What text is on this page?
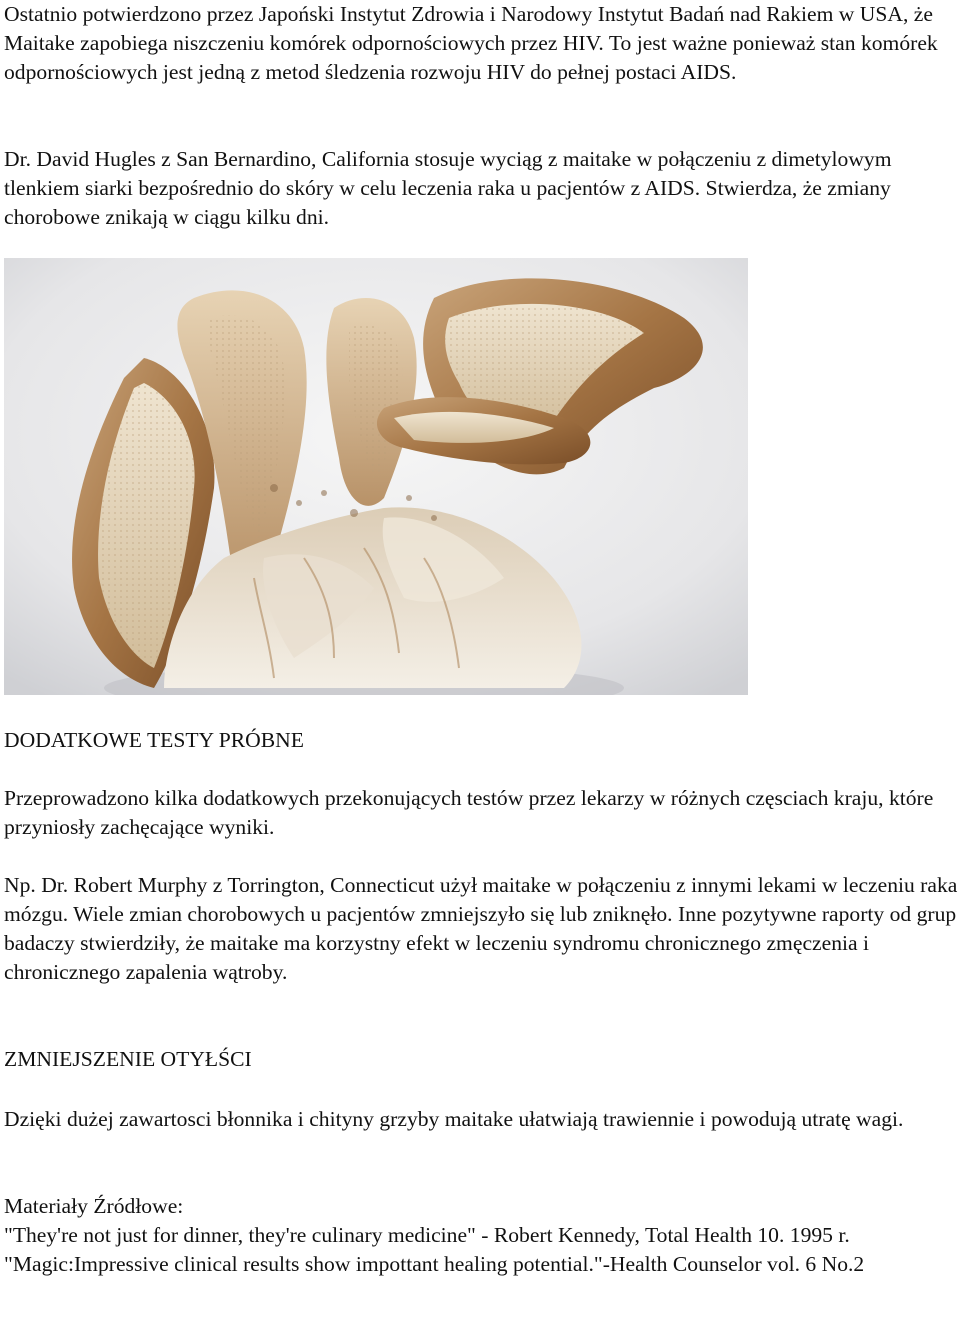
Ostatnio potwierdzono przez Japoński Instytut Zdrowia i Narodowy Instytut Badań nad Rakiem w USA, że Maitake zapobiega niszczeniu komórek odpornościowych przez HIV. To jest ważne ponieważ stan komórek odpornościowych jest jedną z metod śledzenia rozwoju HIV do pełnej postaci AIDS.

Dr. David Hugles z San Bernardino, California stosuje wyciąg z maitake w połączeniu z dimetylowym tlenkiem siarki bezpośrednio do skóry w celu leczenia raka u pacjentów z AIDS. Stwierdza, że zmiany chorobowe znikają w ciągu kilku dni.

DODATKOWE TESTY PRÓBNE

Przeprowadzono kilka dodatkowych przekonujących testów przez lekarzy w różnych częsciach kraju, które przyniosły zachęcające wyniki.

Np. Dr. Robert Murphy z Torrington, Connecticut użył maitake w połączeniu z innymi lekami w leczeniu raka mózgu. Wiele zmian chorobowych u pacjentów zmniejszyło się lub zniknęło. Inne pozytywne raporty od grup badaczy stwierdziły, że maitake ma korzystny efekt w leczeniu syndromu chronicznego zmęczenia i chronicznego zapalenia wątroby.

ZMNIEJSZENIE OTYŁŚCI

Dzięki dużej zawartosci błonnika i chityny grzyby maitake ułatwiają trawiennie i powodują utratę wagi.

Materiały Źródłowe:

"They're not just for dinner, they're culinary medicine" - Robert Kennedy, Total Health 10. 1995 r.

"Magic:Impressive clinical results show impottant healing potential."-Health Counselor vol. 6 No.2
